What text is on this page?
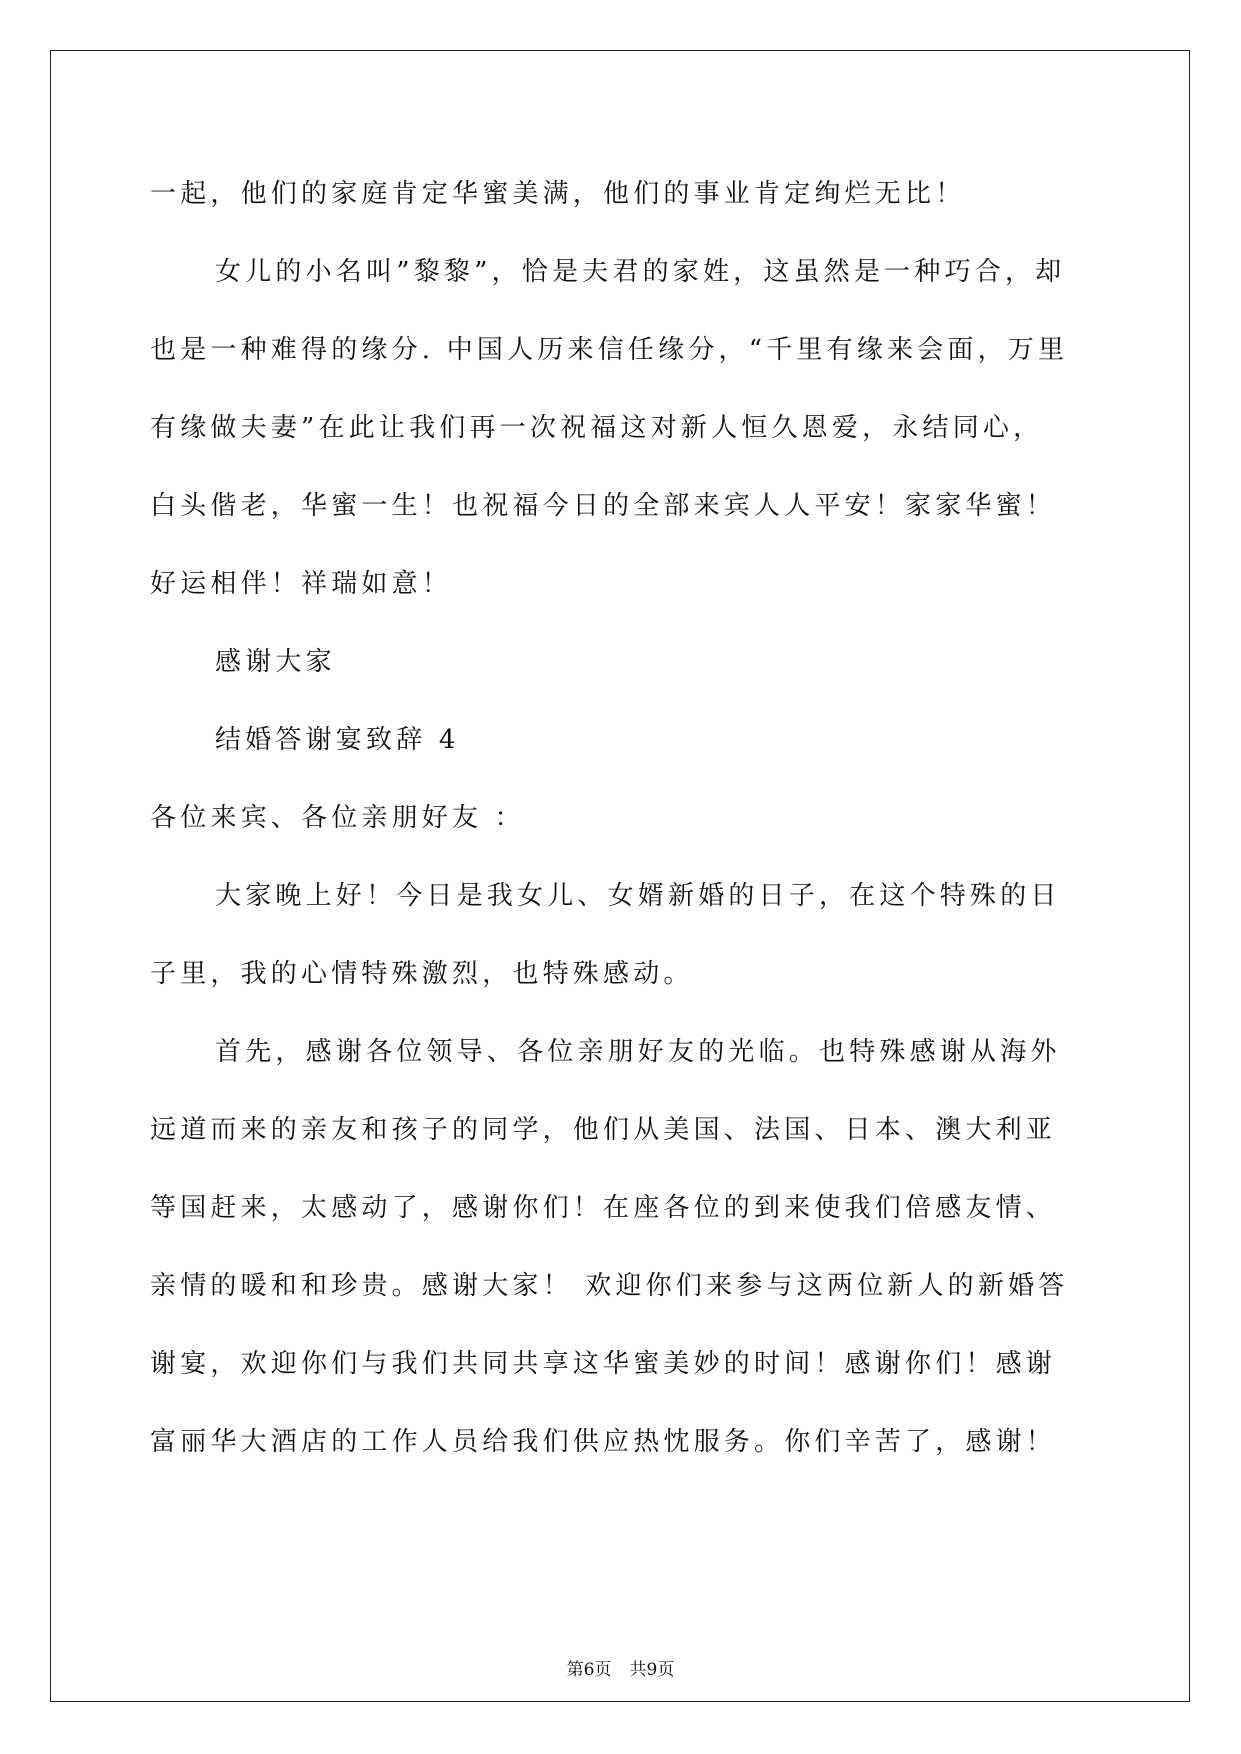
一起，他们的家庭肯定华蜜美满，他们的事业肯定绚烂无比！
女儿的小名叫”黎黎”，恰是夫君的家姓，这虽然是一种巧合，却
也是一种难得的缘分. 中国人历来信任缘分，“千里有缘来会面，万里
有缘做夫妻”在此让我们再一次祝福这对新人恒久恩爱，永结同心，
白头偕老，华蜜一生！也祝福今日的全部来宾人人平安！家家华蜜！
好运相伴！祥瑞如意！
感谢大家
结婚答谢宴致辞 4
各位来宾、各位亲朋好友 ：
大家晚上好！今日是我女儿、女婿新婚的日子，在这个特殊的日
子里，我的心情特殊激烈，也特殊感动。
首先，感谢各位领导、各位亲朋好友的光临。也特殊感谢从海外
远道而来的亲友和孩子的同学，他们从美国、法国、日本、澳大利亚
等国赶来，太感动了，感谢你们！在座各位的到来使我们倍感友情、
亲情的暖和和珍贵。感谢大家！ 欢迎你们来参与这两位新人的新婚答
谢宴，欢迎你们与我们共同共享这华蜜美妙的时间！感谢你们！感谢
富丽华大酒店的工作人员给我们供应热忱服务。你们辛苦了，感谢！
第6页 共9页
